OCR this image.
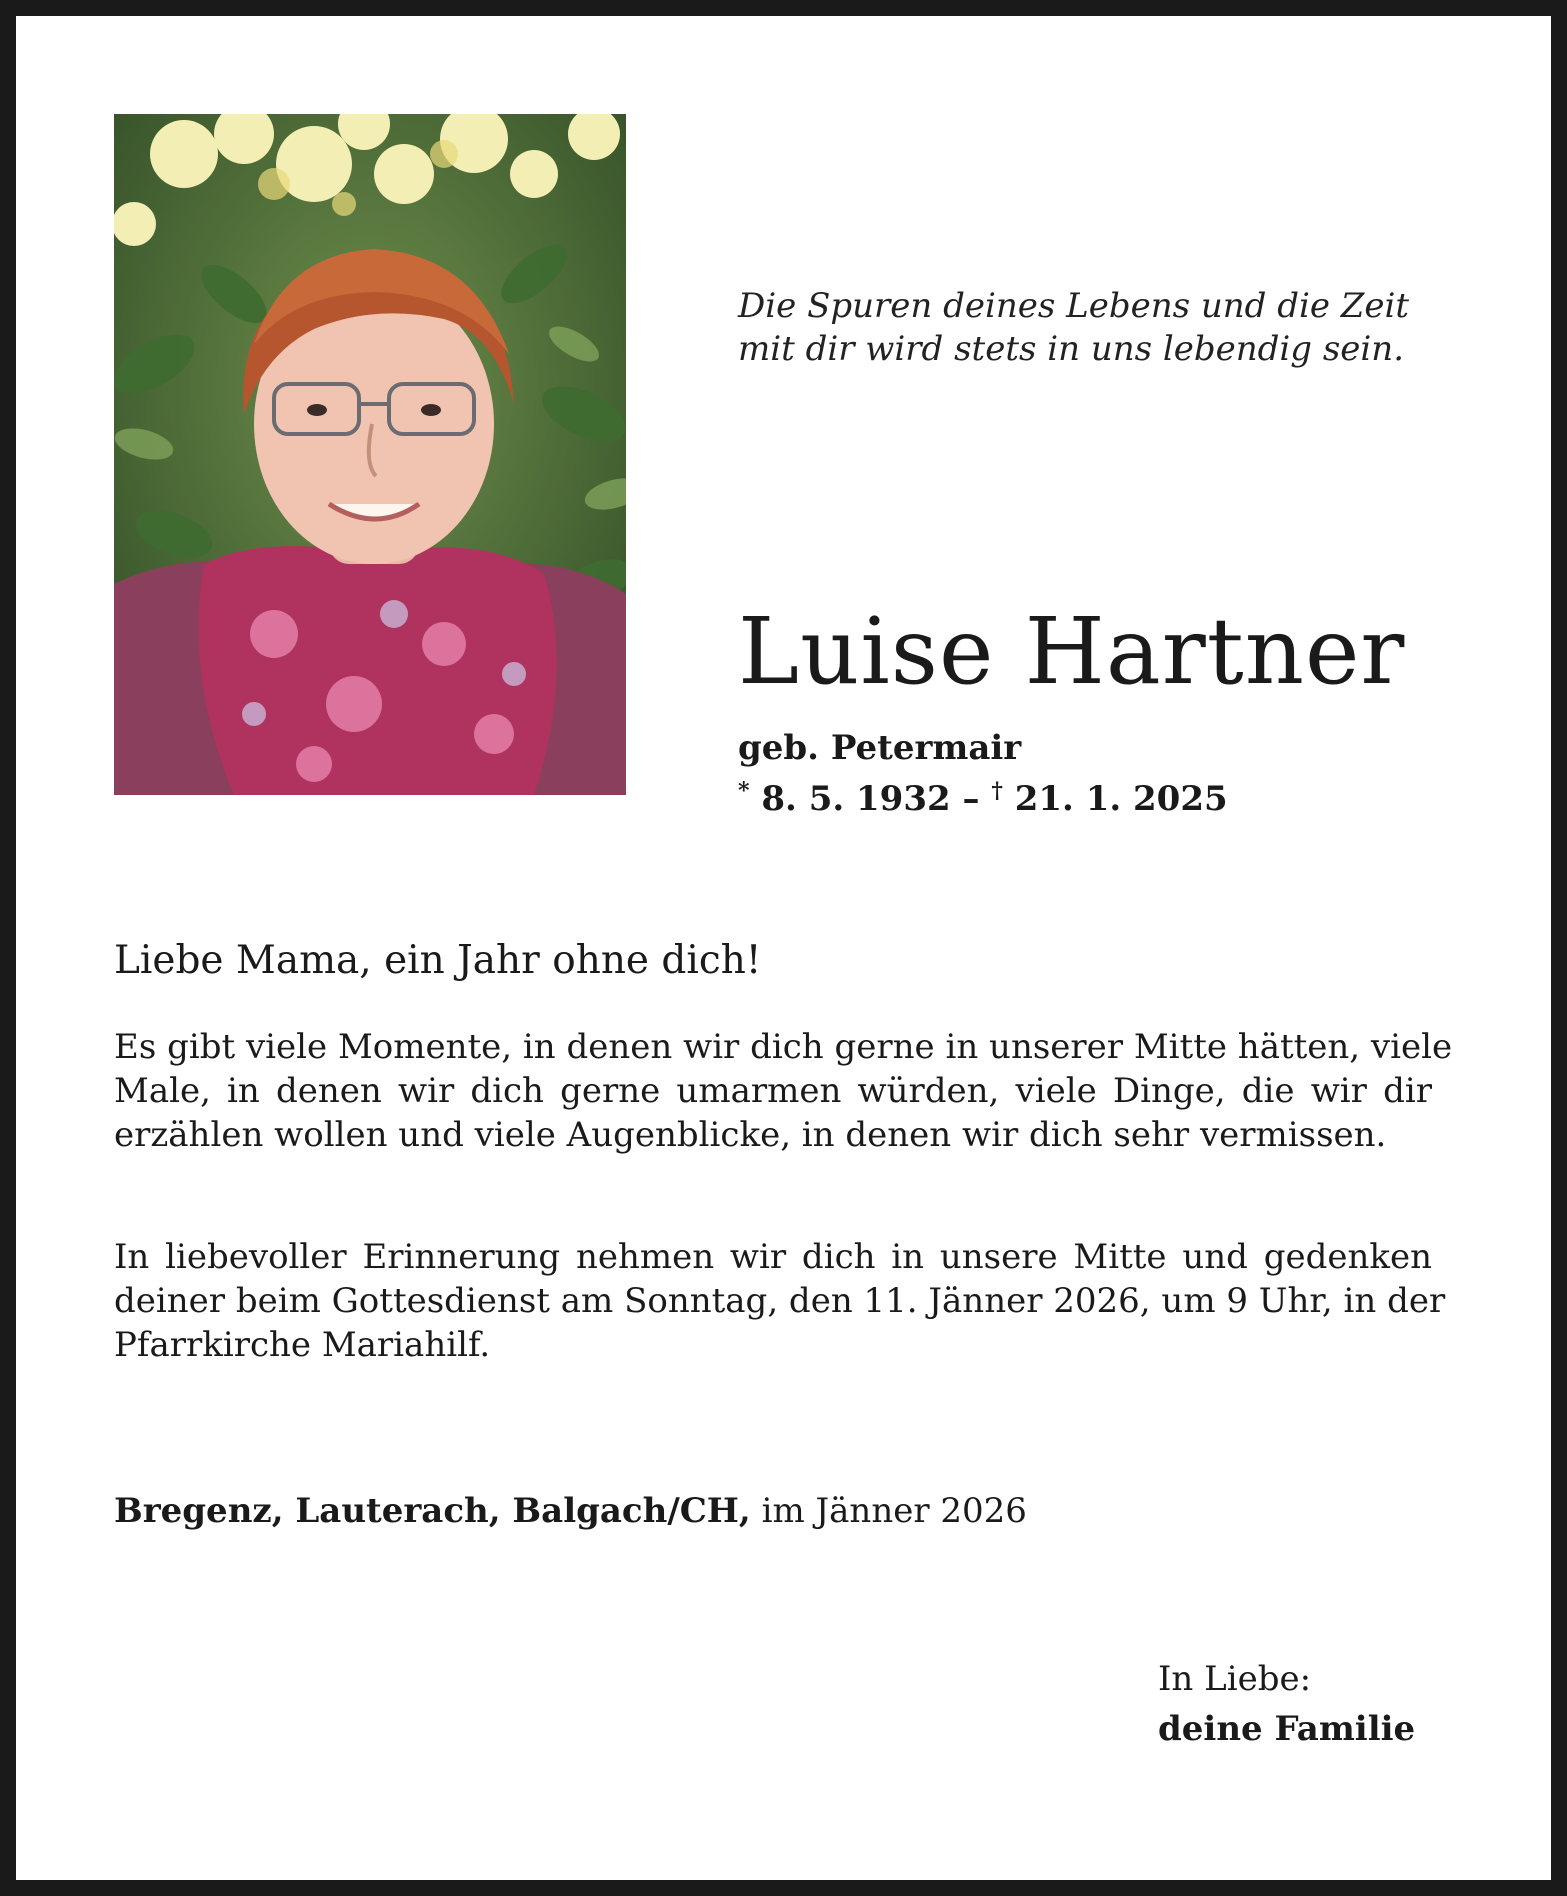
Die Spuren deines Lebens und die Zeit
mit dir wird stets in uns lebendig sein.
Luise Hartner
geb. Petermair
* 8. 5. 1932 – † 21. 1. 2025
Liebe Mama, ein Jahr ohne dich!
Es gibt viele Momente, in denen wir dich gerne in unserer Mitte hätten, viele
Male, in denen wir dich gerne umarmen würden, viele Dinge, die wir dir
erzählen wollen und viele Augenblicke, in denen wir dich sehr vermissen.
In liebevoller Erinnerung nehmen wir dich in unsere Mitte und gedenken
deiner beim Gottesdienst am Sonntag, den 11. Jänner 2026, um 9 Uhr, in der
Pfarrkirche Mariahilf.
Bregenz, Lauterach, Balgach/CH, im Jänner 2026
In Liebe:
deine Familie
